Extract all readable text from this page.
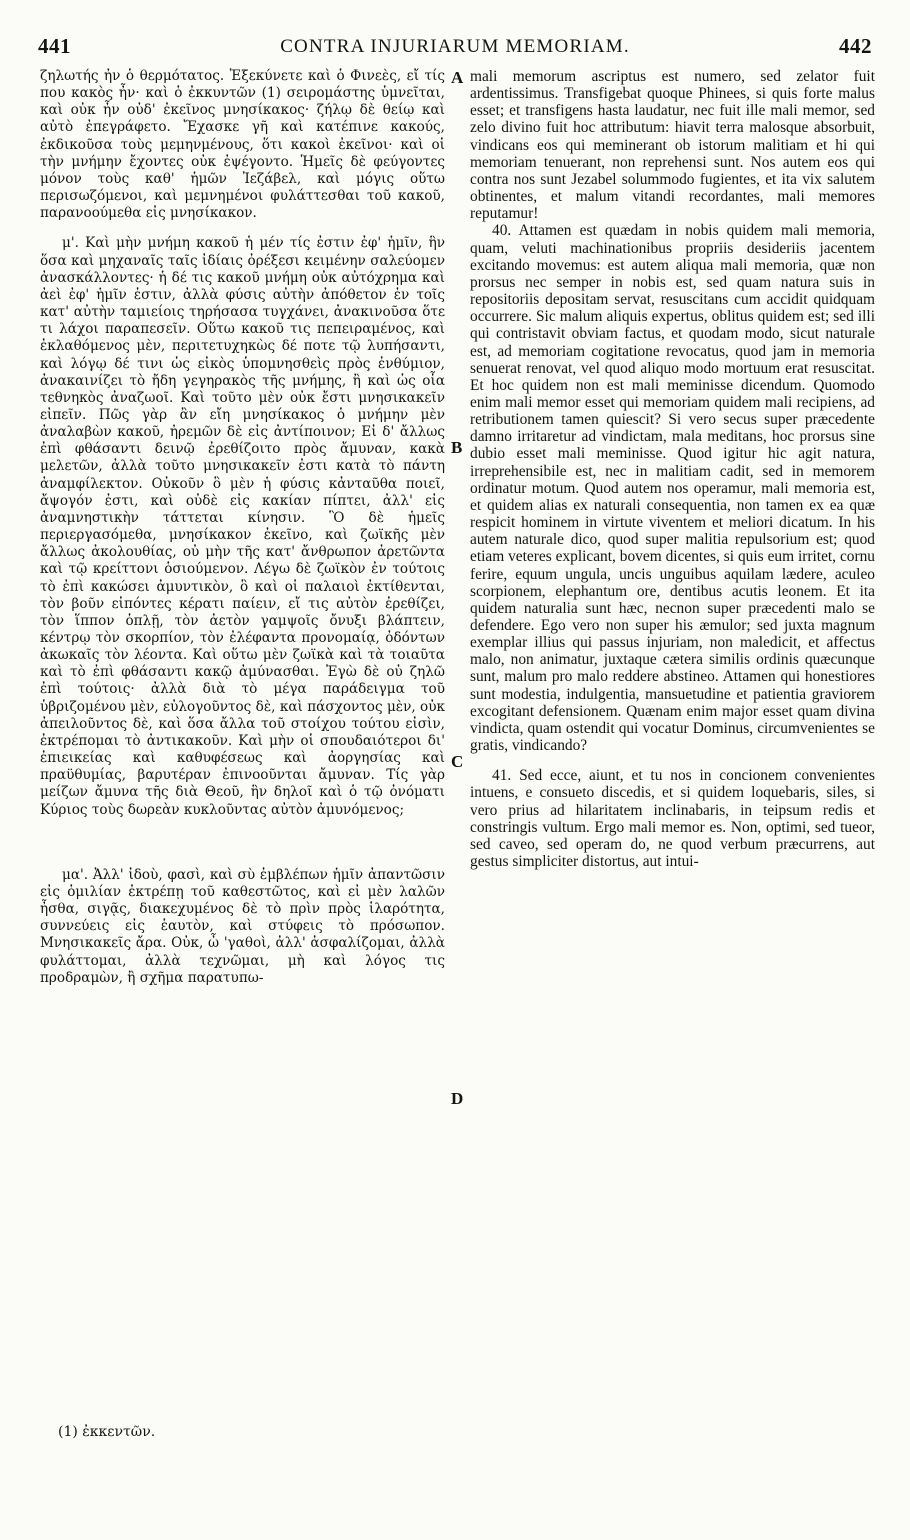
441	CONTRA INJURIARUM MEMORIAM.	442

ζηλωτής ἦν ὁ θερμότατος. Ἐξεκύνετε καὶ ὁ Φινεὲς, εἴ τίς που κακὸς ἦν· καὶ ὁ ἐκκυντῶν (1) σειρομάστης ὑμνεῖται, καὶ οὐκ ἦν οὐδ' ἐκεῖνος μνησίκακος· ζήλῳ δὲ θείῳ καὶ αὐτὸ ἐπεγράφετο. Ἔχασκε γῆ καὶ κατέπινε κακούς, ἐκδικοῦσα τοὺς μεμηνμένους, ὅτι κακοὶ ἐκεῖνοι· καὶ οἱ τὴν μνήμην ἔχοντες οὐκ ἐψέγοντο. Ἡμεῖς δὲ φεύγοντες μόνον τοὺς καθ' ἡμῶν Ἰεζάβελ, καὶ μόγις οὕτω περισωζόμενοι, καὶ μεμνημένοι φυλάττεσθαι τοῦ κακοῦ, παρανοούμεθα εἰς μνησίκακον.

μ'. Καὶ μὴν μνήμη κακοῦ ἡ μέν τίς ἐστιν ἐφ' ἡμῖν, ἣν ὅσα καὶ μηχαναῖς ταῖς ἰδίαις ὀρέξεσι κειμένην σαλεύομεν ἀνασκάλλοντες· ἡ δέ τις κακοῦ μνήμη οὐκ αὐτόχρημα καὶ ἀεὶ ἐφ' ἡμῖν ἐστιν, ἀλλὰ φύσις αὐτὴν ἀπόθετον ἐν τοῖς κατ' αὐτὴν ταμιείοις τηρήσασα τυγχάνει, ἀνακινοῦσα ὅτε τι λάχοι παραπεσεῖν. Οὕτω κακοῦ τις πεπειραμένος, καὶ ἐκλαθόμενος μὲν, περιτετυχηκὼς δέ ποτε τῷ λυπήσαντι, καὶ λόγῳ δέ τινι ὡς εἰκὸς ὑπομνησθεὶς πρὸς ἐνθύμιον, ἀνακαινίζει τὸ ἤδη γεγηρακὸς τῆς μνήμης, ἢ καὶ ὡς οἷα τεθνηκὸς ἀναζωοῖ. Καὶ τοῦτο μὲν οὐκ ἔστι μνησικακεῖν εἰπεῖν. Πῶς γὰρ ἂν εἴη μνησίκακος ὁ μνήμην μὲν ἀναλαβὼν κακοῦ, ἠρεμῶν δὲ εἰς ἀντίποινον; Εἰ δ' ἄλλως ἐπὶ φθάσαντι δεινῷ ἐρεθίζοιτο πρὸς ἄμυναν, κακὰ μελετῶν, ἀλλὰ τοῦτο μνησικακεῖν ἐστι κατὰ τὸ πάντη ἀναμφίλεκτον. Οὐκοῦν ὃ μὲν ἡ φύσις κἀνταῦθα ποιεῖ, ἄψογόν ἐστι, καὶ οὐδὲ εἰς κακίαν πίπτει, ἀλλ' εἰς ἀναμνηστικὴν τάττεται κίνησιν. Ὃ δὲ ἡμεῖς περιεργασόμεθα, μνησίκακον ἐκεῖνο, καὶ ζωϊκῆς μὲν ἄλλως ἀκολουθίας, οὐ μὴν τῆς κατ' ἄνθρωπον ἀρετῶντα καὶ τῷ κρείττονι ὁσιούμενον. Λέγω δὲ ζωϊκὸν ἐν τούτοις τὸ ἐπὶ κακώσει ἀμυντικὸν, ὃ καὶ οἱ παλαιοὶ ἐκτίθενται, τὸν βοῦν εἰπόντες κέρατι παίειν, εἴ τις αὐτὸν ἐρεθίζει, τὸν ἵππον ὁπλῇ, τὸν ἀετὸν γαμψοῖς ὄνυξι βλάπτειν, κέντρῳ τὸν σκορπίον, τὸν ἐλέφαντα προνομαίᾳ, ὀδόντων ἀκωκαῖς τὸν λέοντα. Καὶ οὕτω μὲν ζωϊκὰ καὶ τὰ τοιαῦτα καὶ τὸ ἐπὶ φθάσαντι κακῷ ἀμύνασθαι. Ἐγὼ δὲ οὐ ζηλῶ ἐπὶ τούτοις· ἀλλὰ διὰ τὸ μέγα παράδειγμα τοῦ ὑβριζομένου μὲν, εὐλογοῦντος δὲ, καὶ πάσχοντος μὲν, οὐκ ἀπειλοῦντος δὲ, καὶ ὅσα ἄλλα τοῦ στοίχου τούτου εἰσὶν, ἐκτρέπομαι τὸ ἀντικακοῦν. Καὶ μὴν οἱ σπουδαιότεροι δι' ἐπιεικείας καὶ καθυφέσεως καὶ ἀοργησίας καὶ πραϋθυμίας, βαρυτέραν ἐπινοοῦνται ἄμυναν. Τίς γὰρ μείζων ἄμυνα τῆς διὰ Θεοῦ, ἣν δηλοῖ καὶ ὁ τῷ ὀνόματι Κύριος τοὺς δωρεὰν κυκλοῦντας αὐτὸν ἀμυνόμενος;

μα'. Ἀλλ' ἰδοὺ, φασὶ, καὶ σὺ ἐμβλέπων ἡμῖν ἀπαντῶσιν εἰς ὁμιλίαν ἐκτρέπῃ τοῦ καθεστῶτος, καὶ εἰ μὲν λαλῶν ἦσθα, σιγᾷς, διακεχυμένος δὲ τὸ πρὶν πρὸς ἱλαρότητα, συννεύεις εἰς ἑαυτὸν, καὶ στύφεις τὸ πρόσωπον. Μνησικακεῖς ἄρα. Οὐκ, ὦ 'γαθοὶ, ἀλλ' ἀσφαλίζομαι, ἀλλὰ φυλάττομαι, ἀλλὰ τεχνῶμαι, μὴ καὶ λόγος τις προδραμὼν, ἢ σχῆμα παρατυπω-

(1) ἐκκεντῶν.
A
B
C
D

mali memorum ascriptus est numero, sed zelator fuit ardentissimus. Transfigebat quoque Phinees, si quis forte malus esset; et transfigens hasta laudatur, nec fuit ille mali memor, sed zelo divino fuit hoc attributum: hiavit terra malosque absorbuit, vindicans eos qui meminerant ob istorum malitiam et hi qui memoriam tenuerant, non reprehensi sunt. Nos autem eos qui contra nos sunt Jezabel solummodo fugientes, et ita vix salutem obtinentes, et malum vitandi recordantes, mali memores reputamur!

40. Attamen est quædam in nobis quidem mali memoria, quam, veluti machinationibus propriis desideriis jacentem excitando movemus: est autem aliqua mali memoria, quæ non prorsus nec semper in nobis est, sed quam natura suis in repositoriis depositam servat, resuscitans cum accidit quidquam occurrere. Sic malum aliquis expertus, oblitus quidem est; sed illi qui contristavit obviam factus, et quodam modo, sicut naturale est, ad memoriam cogitatione revocatus, quod jam in memoria senuerat renovat, vel quod aliquo modo mortuum erat resuscitat. Et hoc quidem non est mali meminisse dicendum. Quomodo enim mali memor esset qui memoriam quidem mali recipiens, ad retributionem tamen quiescit? Si vero secus super præcedente damno irritaretur ad vindictam, mala meditans, hoc prorsus sine dubio esset mali meminisse. Quod igitur hic agit natura, irreprehensibile est, nec in malitiam cadit, sed in memorem ordinatur motum. Quod autem nos operamur, mali memoria est, et quidem alias ex naturali consequentia, non tamen ex ea quæ respicit hominem in virtute viventem et meliori dicatum. In his autem naturale dico, quod super malitia repulsorium est; quod etiam veteres explicant, bovem dicentes, si quis eum irritet, cornu ferire, equum ungula, uncis unguibus aquilam lædere, aculeo scorpionem, elephantum ore, dentibus acutis leonem. Et ita quidem naturalia sunt hæc, necnon super præcedenti malo se defendere. Ego vero non super his æmulor; sed juxta magnum exemplar illius qui passus injuriam, non maledicit, et affectus malo, non animatur, juxtaque cætera similis ordinis quæcunque sunt, malum pro malo reddere abstineo. Attamen qui honestiores sunt modestia, indulgentia, mansuetudine et patientia graviorem excogitant defensionem. Quænam enim major esset quam divina vindicta, quam ostendit qui vocatur Dominus, circumvenientes se gratis, vindicando?

41. Sed ecce, aiunt, et tu nos in concionem convenientes intuens, e consueto discedis, et si quidem loquebaris, siles, si vero prius ad hilaritatem inclinabaris, in teipsum redis et constringis vultum. Ergo mali memor es. Non, optimi, sed tueor, sed caveo, sed operam do, ne quod verbum præcurrens, aut gestus simpliciter distortus, aut intui-
